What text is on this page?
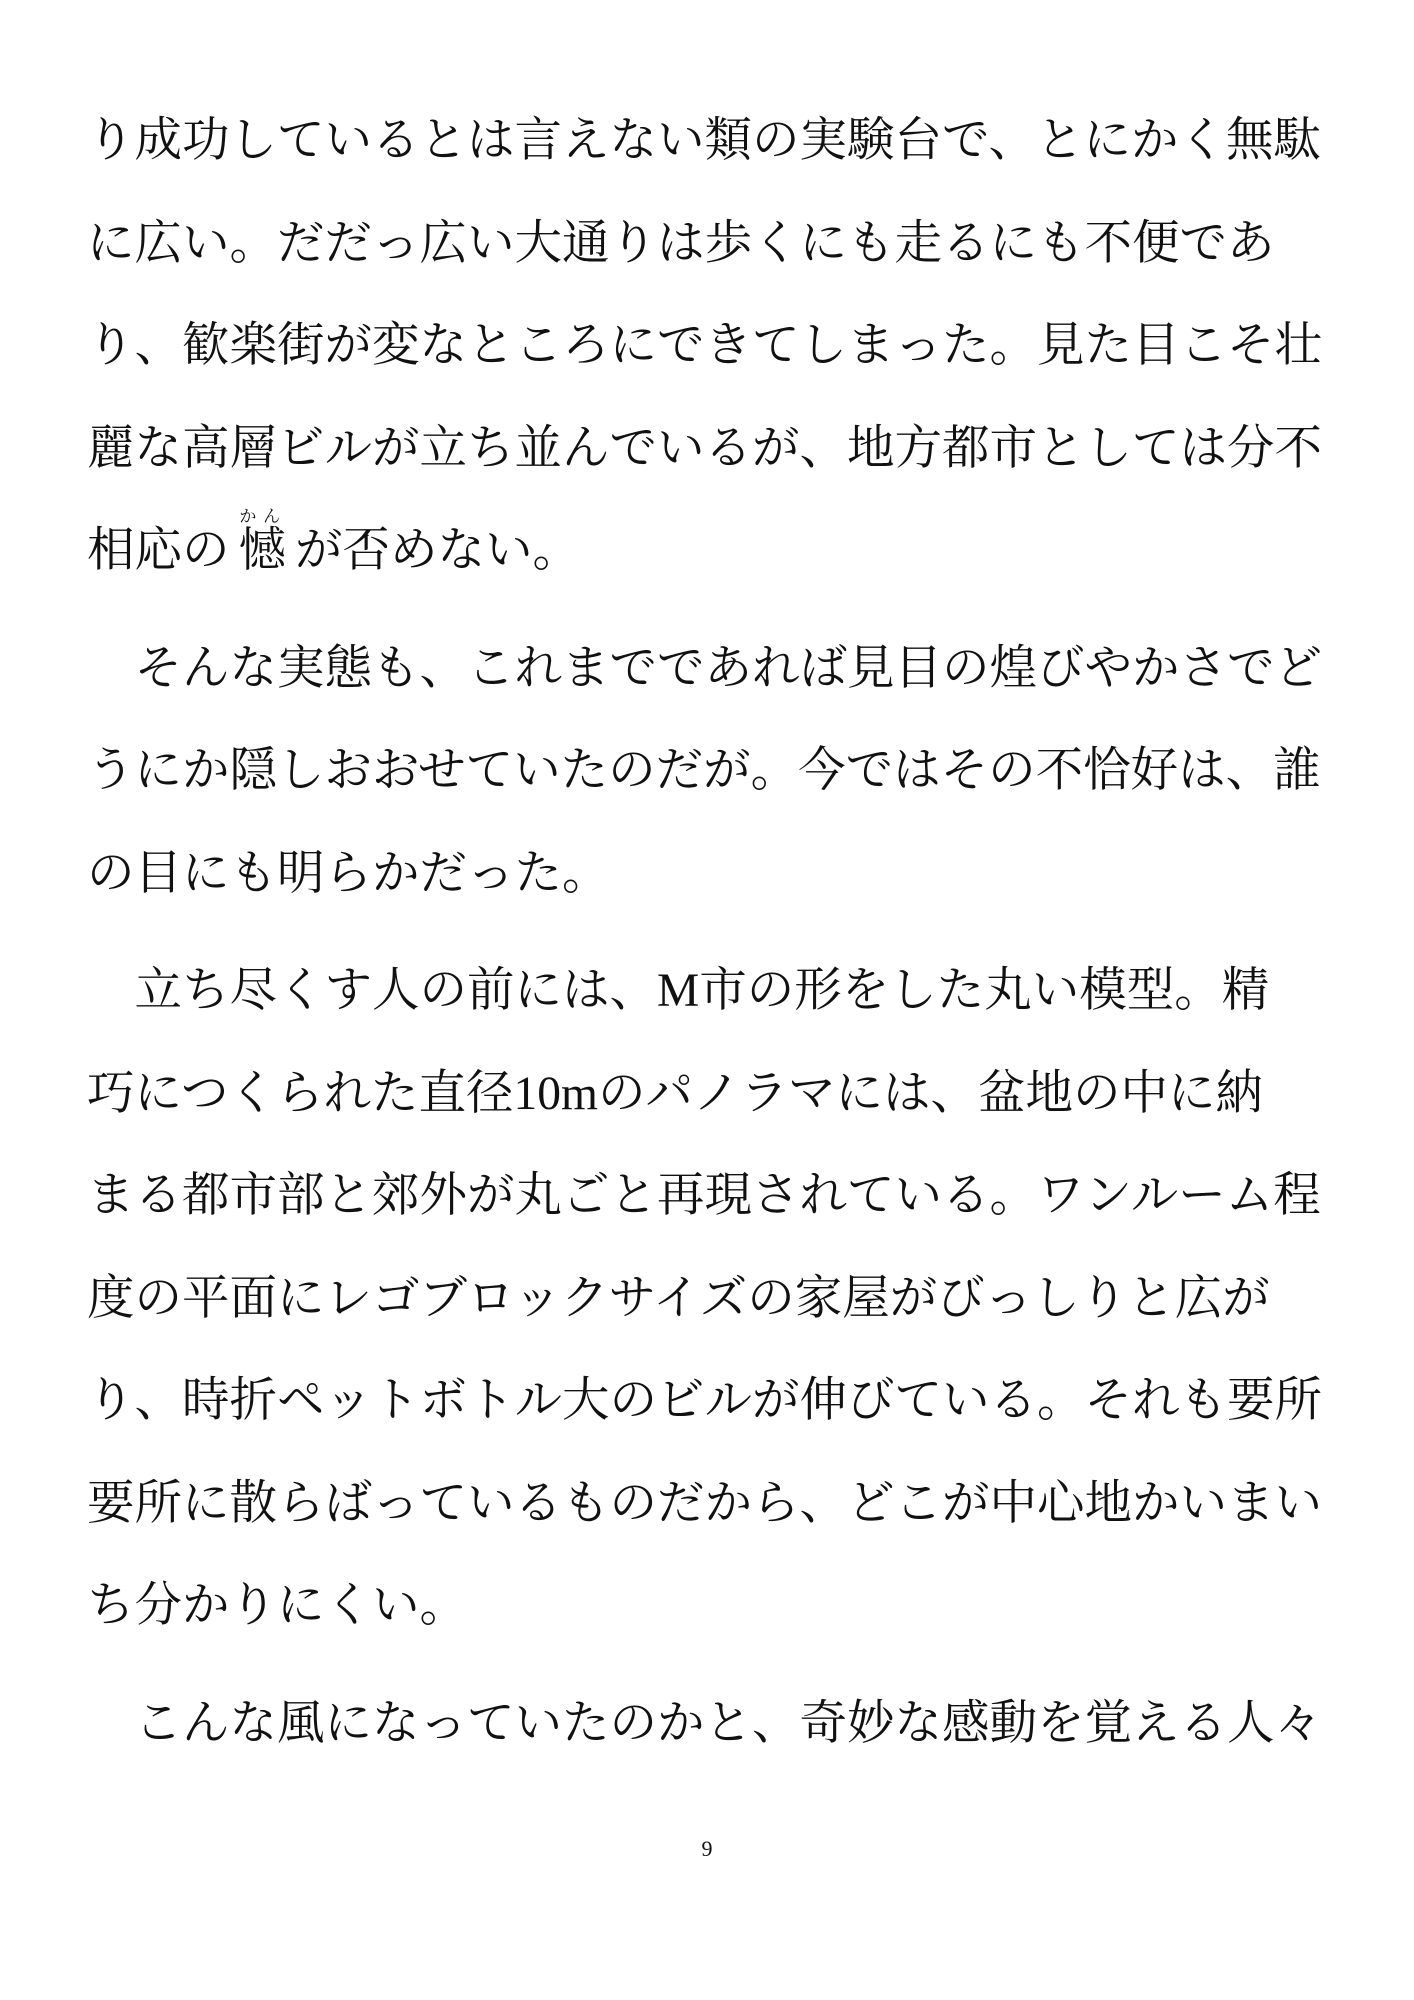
り成功しているとは言えない類の実験台で、とにかく無駄
に広い。だだっ広い大通りは歩くにも走るにも不便であ
り、歓楽街が変なところにできてしまった。見た目こそ壮
麗な高層ビルが立ち並んでいるが、地方都市としては分不
相応の 憾かんが否めない。
そんな実態も、これまでであれば見目の煌びやかさでど
うにか隠しおおせていたのだが。今ではその不恰好は、誰
の目にも明らかだった。
立ち尽くす人の前には、M市の形をした丸い模型。精
巧につくられた直径10mのパノラマには、盆地の中に納
まる都市部と郊外が丸ごと再現されている。ワンルーム程
度の平面にレゴブロックサイズの家屋がびっしりと広が
り、時折ペットボトル大のビルが伸びている。それも要所
要所に散らばっているものだから、どこが中心地かいまい
ち分かりにくい。
こんな風になっていたのかと、奇妙な感動を覚える人々
9
